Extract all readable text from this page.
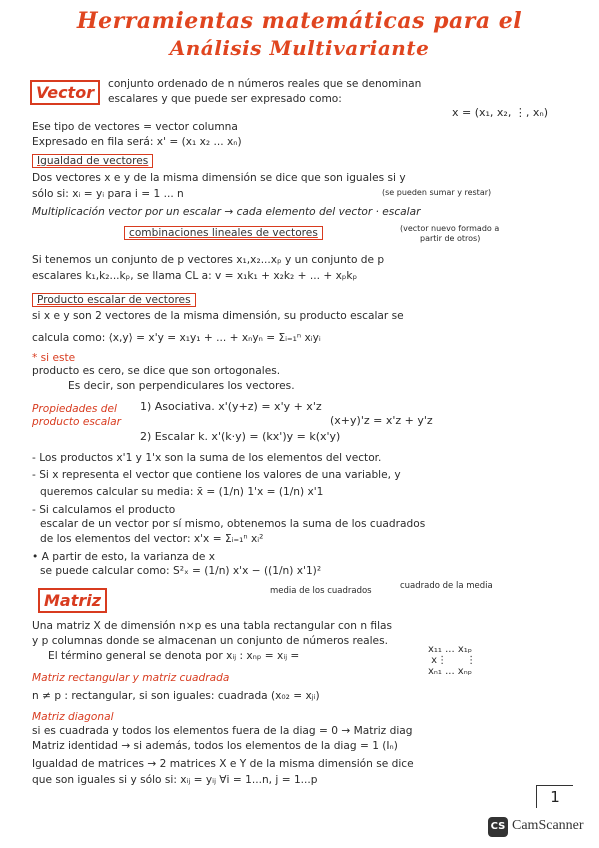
Herramientas matemáticas para el
Análisis Multivariante
Vector	conjunto ordenado de n números reales que se denominan
escalares y que puede ser expresado como:
x = (x₁, x₂, ⋮, xₙ)
Ese tipo de vectores = vector columna
Expresado en fila será: x' = (x₁ x₂ ... xₙ)
Igualdad de vectores
Dos vectores x e y de la misma dimensión se dice que son iguales si y
sólo si: xᵢ = yᵢ para i = 1 ... n	(se pueden sumar y restar)
Multiplicación vector por un escalar → cada elemento del vector · escalar
combinaciones lineales de vectores	(vector nuevo formado a
partir de otros)
Si tenemos un conjunto de p vectores x₁,x₂...xₚ y un conjunto de p
escalares k₁,k₂...kₚ, se llama CL a: v = x₁k₁ + x₂k₂ + ... + xₚkₚ
Producto escalar de vectores
si x e y son 2 vectores de la misma dimensión, su producto escalar se
calcula como: ⟨x,y⟩ = x'y = x₁y₁ + ... + xₙyₙ = Σᵢ₌₁ⁿ xᵢyᵢ
* si este
producto es cero, se dice que son ortogonales.
Es decir, son perpendiculares los vectores.
Propiedades del
producto escalar
1) Asociativa. x'(y+z) = x'y + x'z
(x+y)'z = x'z + y'z
2) Escalar k. x'(k·y) = (kx')y = k(x'y)
- Los productos x'1 y 1'x son la suma de los elementos del vector.
- Si x representa el vector que contiene los valores de una variable, y
queremos calcular su media: x̄ = (1/n) 1'x = (1/n) x'1
- Si calculamos el producto
escalar de un vector por sí mismo, obtenemos la suma de los cuadrados
de los elementos del vector: x'x = Σᵢ₌₁ⁿ xᵢ²
• A partir de esto, la varianza de x
se puede calcular como: S²ₓ = (1/n) x'x − ((1/n) x'1)²
media de los cuadrados	cuadrado de la media
Matriz
Una matriz X de dimensión n×p es una tabla rectangular con n filas
y p columnas donde se almacenan un conjunto de números reales.
El término general se denota por xᵢⱼ : xₙₚ = xᵢⱼ =
x₁₁ ... x₁ₚ
x⋮      ⋮
xₙ₁ ... xₙₚ
Matriz rectangular y matriz cuadrada
n ≠ p : rectangular, si son iguales: cuadrada (x₀₂ = xⱼᵢ)
Matriz diagonal
si es cuadrada y todos los elementos fuera de la diag = 0 → Matriz diag
Matriz identidad → si además, todos los elementos de la diag = 1 (Iₙ)
Igualdad de matrices → 2 matrices X e Y de la misma dimensión se dice
que son iguales si y sólo si: xᵢⱼ = yᵢⱼ ∀i = 1...n, j = 1...p
1
CS CamScanner
